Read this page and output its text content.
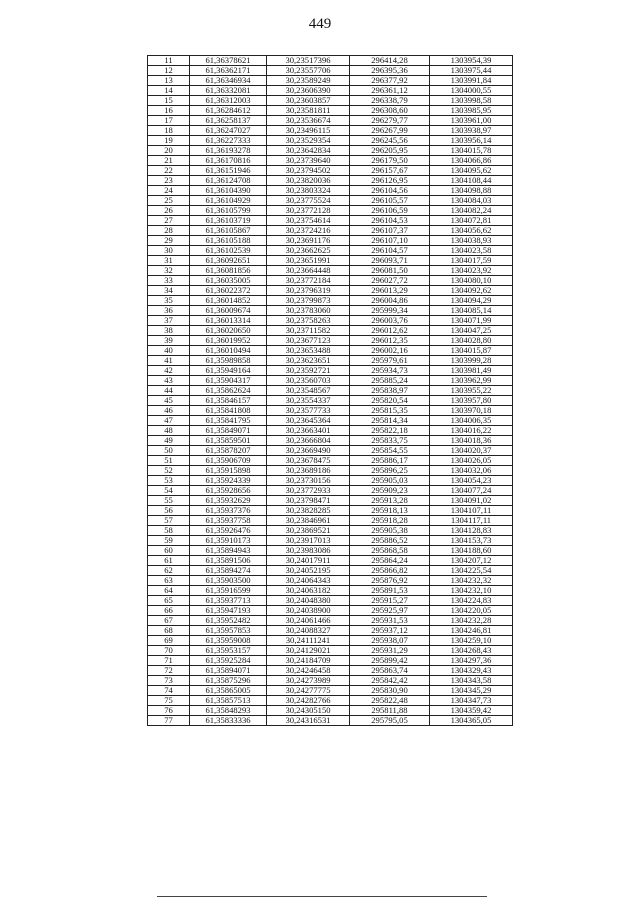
449
11	61,36378621	30,23517396	296414,28	1303954,39
12	61,36362171	30,23557706	296395,36	1303975,44
13	61,36346934	30,23589249	296377,92	1303991,84
14	61,36332081	30,23606390	296361,12	1304000,55
15	61,36312003	30,23603857	296338,79	1303998,58
16	61,36284612	30,23581811	296308,60	1303985,95
17	61,36258137	30,23536674	296279,77	1303961,00
18	61,36247027	30,23496115	296267,99	1303938,97
19	61,36227333	30,23529354	296245,56	1303956,14
20	61,36193278	30,23642834	296205,95	1304015,78
21	61,36170816	30,23739640	296179,50	1304066,86
22	61,36151946	30,23794502	296157,67	1304095,62
23	61,36124708	30,23820036	296126,95	1304108,44
24	61,36104390	30,23803324	296104,56	1304098,88
25	61,36104929	30,23775524	296105,57	1304084,03
26	61,36105799	30,23772128	296106,59	1304082,24
27	61,36103719	30,23754614	296104,53	1304072,81
28	61,36105867	30,23724216	296107,37	1304056,62
29	61,36105188	30,23691176	296107,10	1304038,93
30	61,36102539	30,23662625	296104,57	1304023,58
31	61,36092651	30,23651991	296093,71	1304017,59
32	61,36081856	30,23664448	296081,50	1304023,92
33	61,36035005	30,23772184	296027,72	1304080,10
34	61,36022372	30,23796319	296013,29	1304092,62
35	61,36014852	30,23799873	296004,86	1304094,29
36	61,36009674	30,23783060	295999,34	1304085,14
37	61,36013314	30,23758263	296003,76	1304071,99
38	61,36020650	30,23711582	296012,62	1304047,25
39	61,36019952	30,23677123	296012,35	1304028,80
40	61,36010494	30,23653488	296002,16	1304015,87
41	61,35989858	30,23623651	295979,61	1303999,28
42	61,35949164	30,23592721	295934,73	1303981,49
43	61,35904317	30,23560703	295885,24	1303962,99
44	61,35862624	30,23548567	295838,97	1303955,22
45	61,35846157	30,23554337	295820,54	1303957,80
46	61,35841808	30,23577733	295815,35	1303970,18
47	61,35841795	30,23645364	295814,34	1304006,35
48	61,35849071	30,23663401	295822,18	1304016,22
49	61,35859501	30,23666804	295833,75	1304018,36
50	61,35878207	30,23669490	295854,55	1304020,37
51	61,35906709	30,23678475	295886,17	1304026,05
52	61,35915898	30,23689186	295896,25	1304032,06
53	61,35924339	30,23730156	295905,03	1304054,23
54	61,35928656	30,23772933	295909,23	1304077,24
55	61,35932629	30,23798471	295913,28	1304091,02
56	61,35937376	30,23828285	295918,13	1304107,11
57	61,35937758	30,23846961	295918,28	1304117,11
58	61,35926476	30,23869521	295905,38	1304128,83
59	61,35910173	30,23917013	295886,52	1304153,73
60	61,35894943	30,23983086	295868,58	1304188,60
61	61,35891506	30,24017911	295864,24	1304207,12
62	61,35894274	30,24052195	295866,82	1304225,54
63	61,35903500	30,24064343	295876,92	1304232,32
64	61,35916599	30,24063182	295891,53	1304232,10
65	61,35937713	30,24048380	295915,27	1304224,83
66	61,35947193	30,24038900	295925,97	1304220,05
67	61,35952482	30,24061466	295931,53	1304232,28
68	61,35957853	30,24088327	295937,12	1304246,81
69	61,35959008	30,24111241	295938,07	1304259,10
70	61,35953157	30,24129021	295931,29	1304268,43
71	61,35925284	30,24184709	295899,42	1304297,36
72	61,35894071	30,24246458	295863,74	1304329,43
73	61,35875296	30,24273989	295842,42	1304343,58
74	61,35865005	30,24277775	295830,90	1304345,29
75	61,35857513	30,24282766	295822,48	1304347,73
76	61,35848293	30,24305150	295811,88	1304359,42
77	61,35833336	30,24316531	295795,05	1304365,05
